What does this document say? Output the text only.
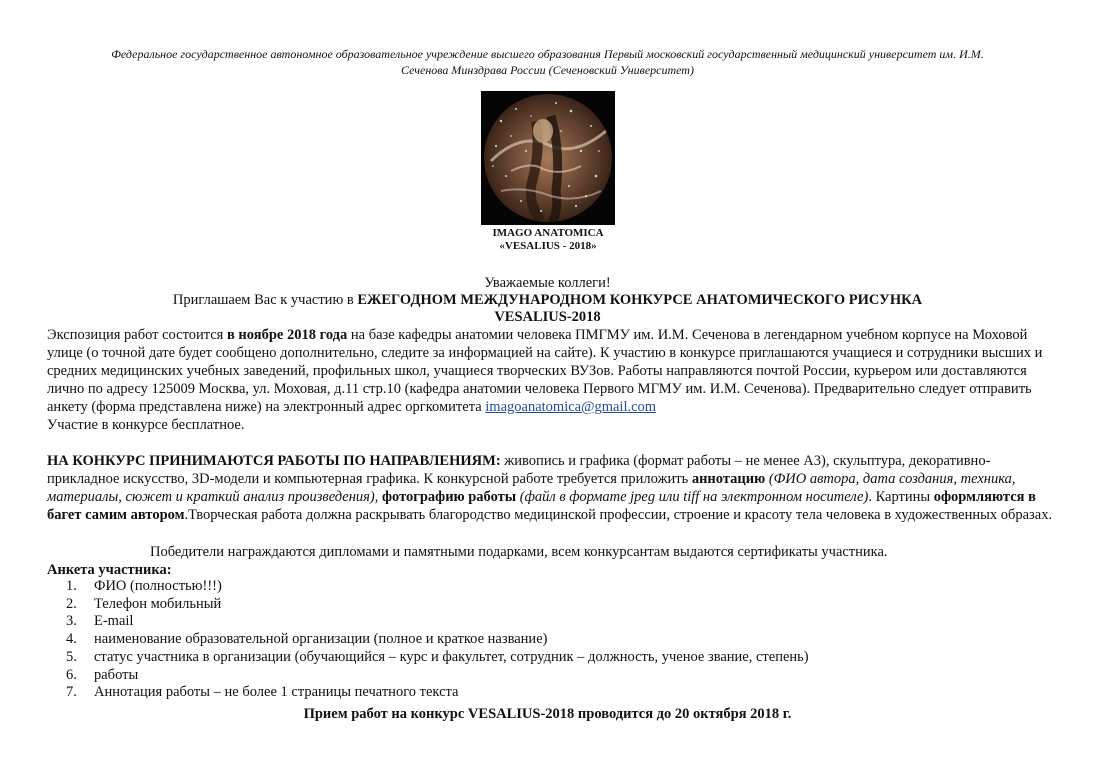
Федеральное государственное автономное образовательное учреждение высшего образования Первый московский государственный медицинский университет им. И.М.
Сеченова Минздрава России (Сеченовский Университет)
IMAGO ANATOMICA
«VESALIUS - 2018»
Уважаемые коллеги!
Приглашаем Вас к участию в ЕЖЕГОДНОМ МЕЖДУНАРОДНОМ КОНКУРСЕ АНАТОМИЧЕСКОГО РИСУНКА
VESALIUS-2018
Экспозиция работ состоится в ноябре 2018 года на базе кафедры анатомии человека ПМГМУ им. И.М. Сеченова в легендарном учебном корпусе на Моховой улице (о точной дате будет сообщено дополнительно, следите за информацией на сайте). К участию в конкурсе приглашаются учащиеся и сотрудники высших и средних медицинских учебных заведений, профильных школ, учащиеся творческих ВУЗов. Работы направляются почтой России, курьером или доставляются лично по адресу 125009 Москва, ул. Моховая, д.11 стр.10 (кафедра анатомии человека Первого МГМУ им. И.М. Сеченова). Предварительно следует отправить анкету (форма представлена ниже) на электронный адрес оргкомитета imagoanatomica@gmail.com
Участие в конкурсе бесплатное.
НА КОНКУРС ПРИНИМАЮТСЯ РАБОТЫ ПО НАПРАВЛЕНИЯМ: живопись и графика (формат работы – не менее А3), скульптура, декоративно-прикладное искусство, 3D-модели и компьютерная графика. К конкурсной работе требуется приложить аннотацию (ФИО автора, дата создания, техника, материалы, сюжет и краткий анализ произведения), фотографию работы (файл в формате jpeg или tiff на электронном носителе). Картины оформляются в багет самим автором.Творческая работа должна раскрывать благородство медицинской профессии, строение и красоту тела человека в художественных образах.
Победители награждаются дипломами и памятными подарками, всем конкурсантам выдаются сертификаты участника.
Анкета участника:
1.	ФИО (полностью!!!)
2.	Телефон мобильный
3.	E-mail
4.	наименование образовательной организации (полное и краткое название)
5.	статус участника в организации (обучающийся – курс и факультет, сотрудник – должность, ученое звание, степень)
6.	работы
7.	Аннотация работы – не более 1 страницы печатного текста
Прием работ на конкурс VESALIUS-2018 проводится до 20 октября 2018 г.
